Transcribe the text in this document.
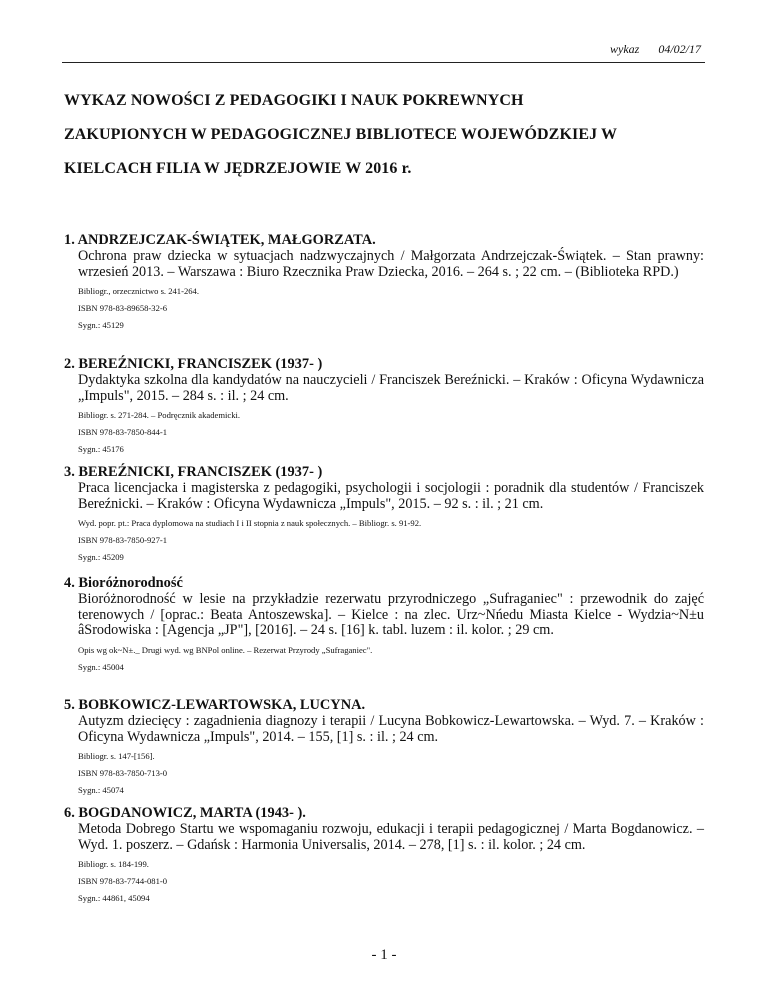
wykaz 04/02/17
WYKAZ NOWOŚCI Z PEDAGOGIKI I NAUK POKREWNYCH
ZAKUPIONYCH W PEDAGOGICZNEJ BIBLIOTECE WOJEWÓDZKIEJ W
KIELCACH FILIA W JĘDRZEJOWIE W 2016 r.
1. ANDRZEJCZAK-ŚWIĄTEK, MAŁGORZATA.
Ochrona praw dziecka w sytuacjach nadzwyczajnych / Małgorzata Andrzejczak-Świątek. – Stan prawny: wrzesień 2013. – Warszawa : Biuro Rzecznika Praw Dziecka, 2016. – 264 s. ; 22 cm. – (Biblioteka RPD.)
Bibliogr., orzecznictwo s. 241-264.
ISBN 978-83-89658-32-6
Sygn.: 45129
2. BEREŹNICKI, FRANCISZEK (1937- )
Dydaktyka szkolna dla kandydatów na nauczycieli / Franciszek Bereźnicki. – Kraków : Oficyna Wydawnicza „Impuls", 2015. – 284 s. : il. ; 24 cm.
Bibliogr. s. 271-284. – Podręcznik akademicki.
ISBN 978-83-7850-844-1
Sygn.: 45176
3. BEREŹNICKI, FRANCISZEK (1937- )
Praca licencjacka i magisterska z pedagogiki, psychologii i socjologii : poradnik dla studentów / Franciszek Bereźnicki. – Kraków : Oficyna Wydawnicza „Impuls", 2015. – 92 s. : il. ; 21 cm.
Wyd. popr. pt.: Praca dyplomowa na studiach I i II stopnia z nauk społecznych. – Bibliogr. s. 91-92.
ISBN 978-83-7850-927-1
Sygn.: 45209
4. Bioróżnorodność
Bioróżnorodność w lesie na przykładzie rezerwatu przyrodniczego „Sufraganiec" : przewodnik do zajęć terenowych / [oprac.: Beata Antoszewska]. – Kielce : na zlec. Urz~Nńedu Miasta Kielce - Wydzia~N±u âSrodowiska : [Agencja „JP"], [2016]. – 24 s. [16] k. tabl. luzem : il. kolor. ; 29 cm.
Opis wg ok~N±._ Drugi wyd. wg BNPol online. – Rezerwat Przyrody „Sufraganiec".
Sygn.: 45004
5. BOBKOWICZ-LEWARTOWSKA, LUCYNA.
Autyzm dziecięcy : zagadnienia diagnozy i terapii / Lucyna Bobkowicz-Lewartowska. – Wyd. 7. – Kraków : Oficyna Wydawnicza „Impuls", 2014. – 155, [1] s. : il. ; 24 cm.
Bibliogr. s. 147-[156].
ISBN 978-83-7850-713-0
Sygn.: 45074
6. BOGDANOWICZ, MARTA (1943- ).
Metoda Dobrego Startu we wspomaganiu rozwoju, edukacji i terapii pedagogicznej / Marta Bogdanowicz. – Wyd. 1. poszerz. – Gdańsk : Harmonia Universalis, 2014. – 278, [1] s. : il. kolor. ; 24 cm.
Bibliogr. s. 184-199.
ISBN 978-83-7744-081-0
Sygn.: 44861, 45094
- 1 -
